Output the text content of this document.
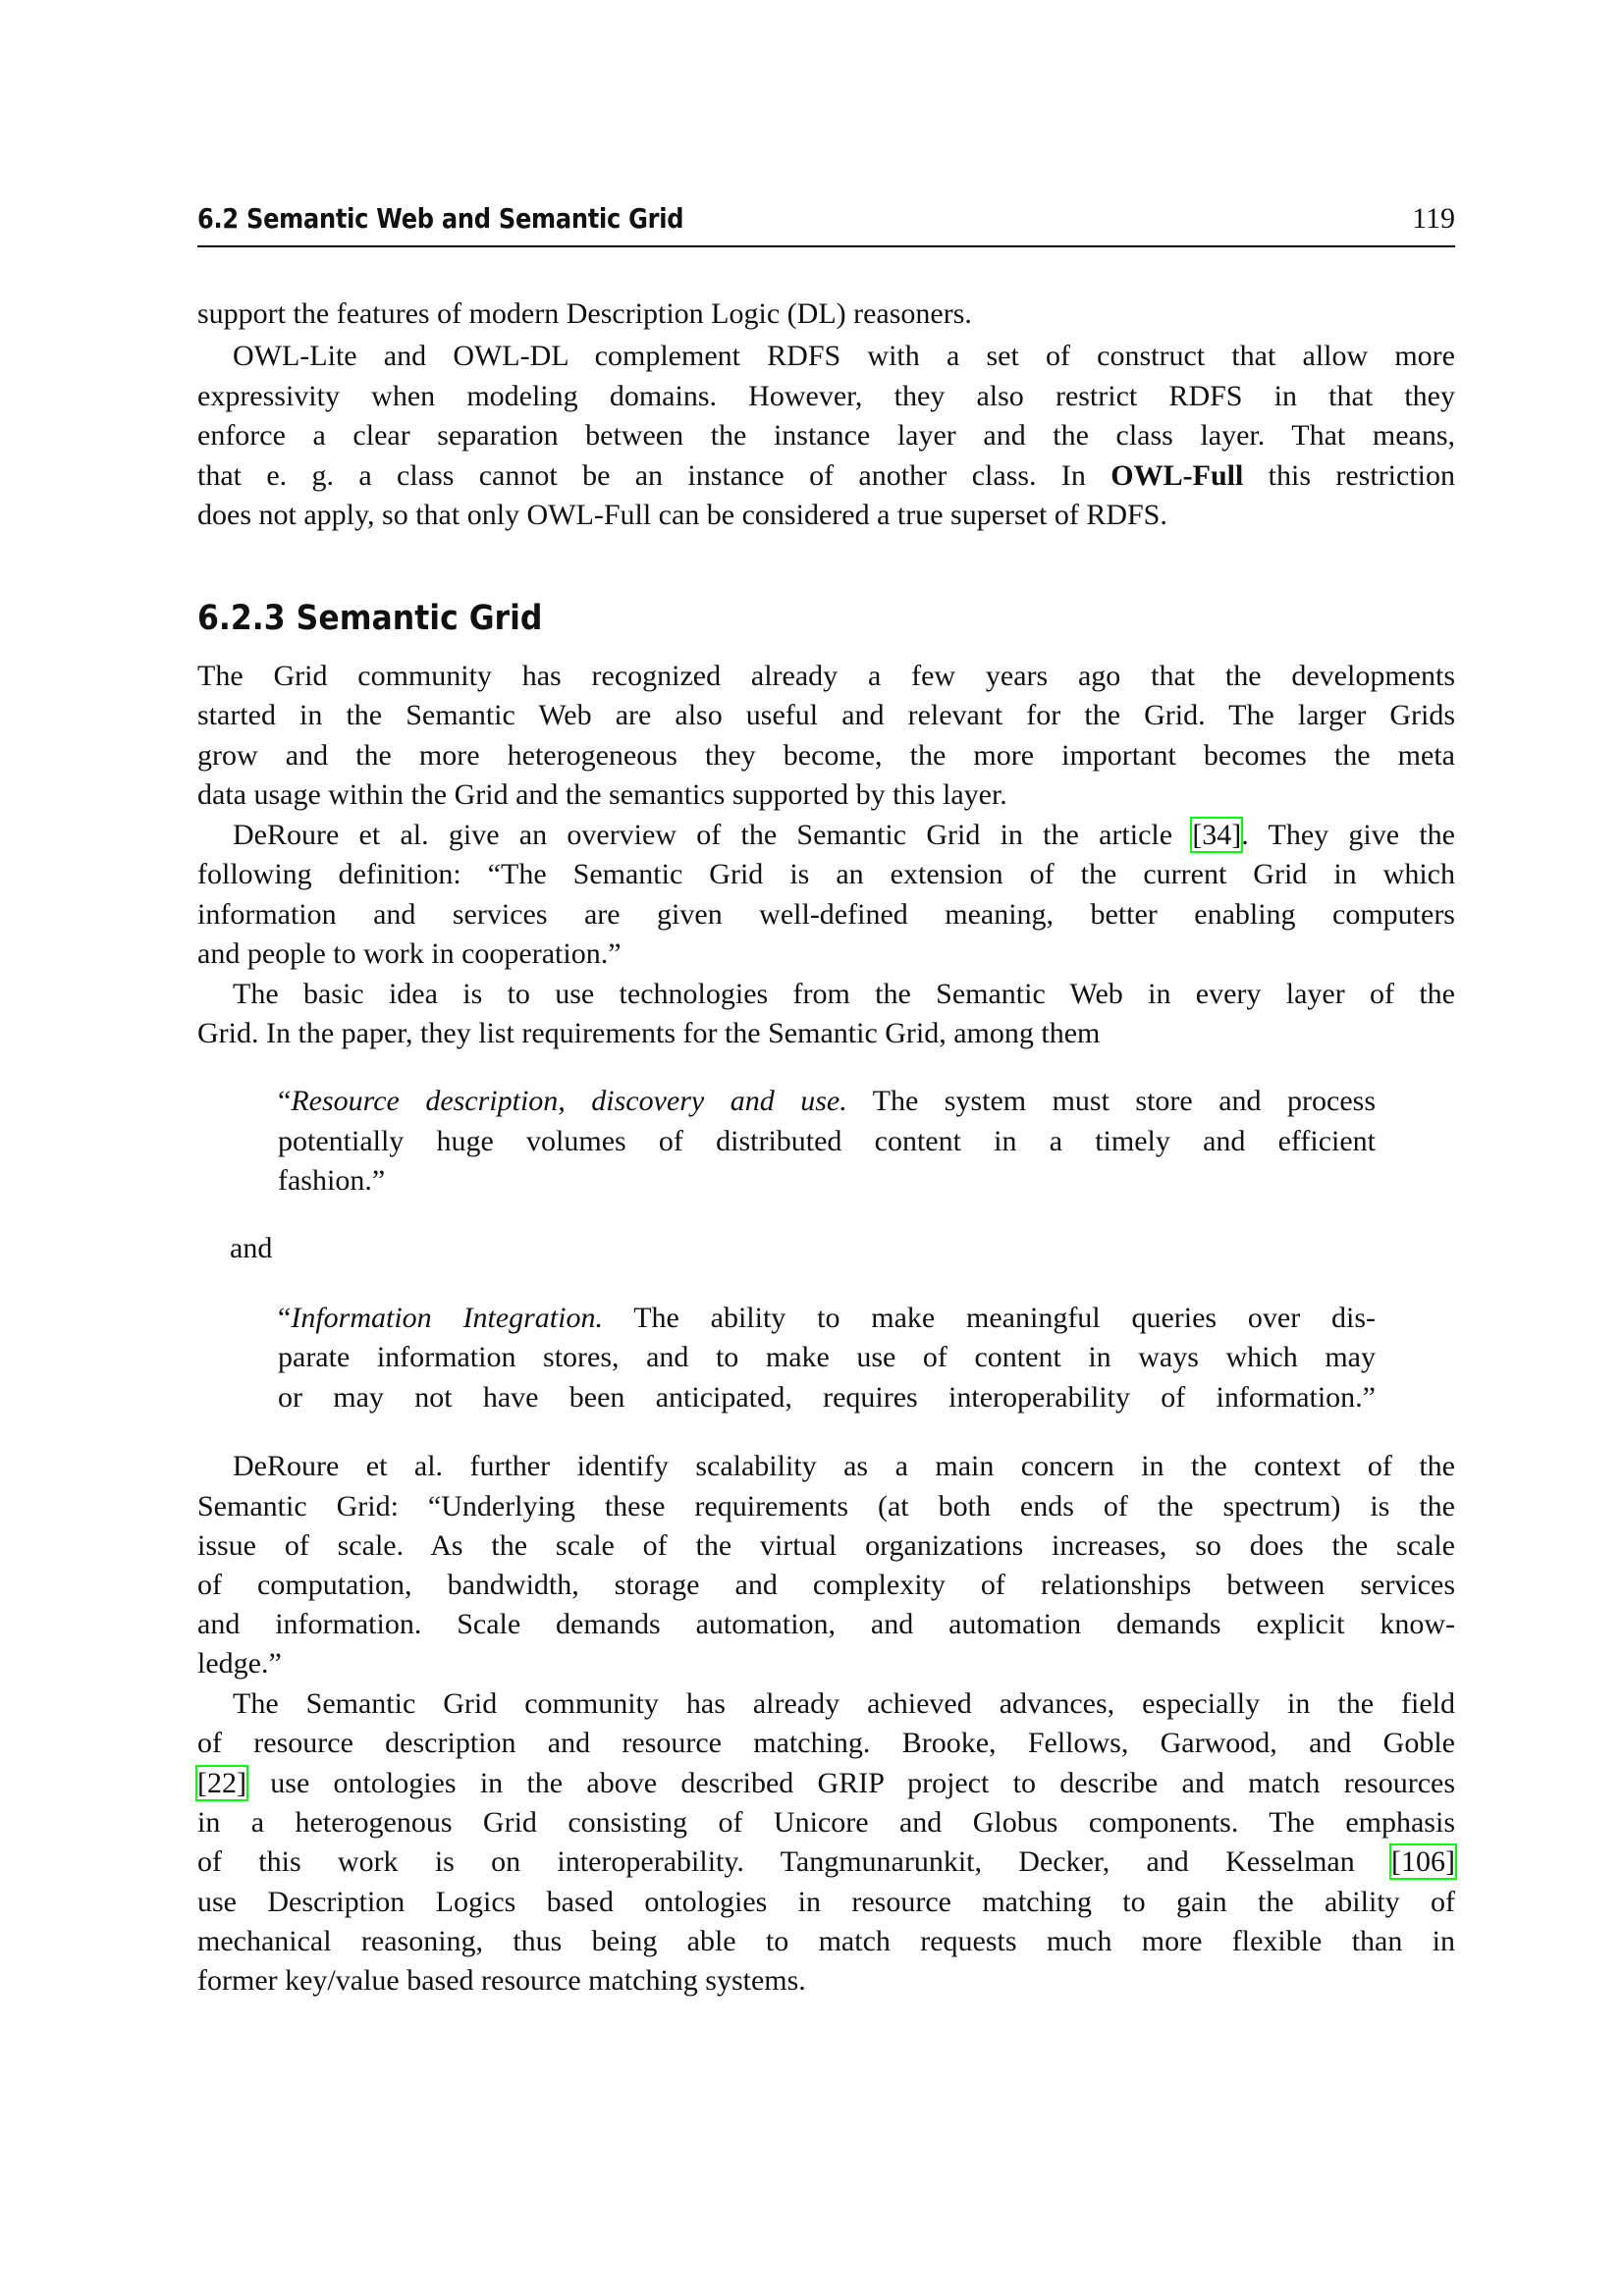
6.2 Semantic Web and Semantic Grid	119
6.2.3 Semantic Grid
support the features of modern Description Logic (DL) reasoners.
OWL-Lite and OWL-DL complement RDFS with a set of construct that allow more
expressivity when modeling domains. However, they also restrict RDFS in that they
enforce a clear separation between the instance layer and the class layer. That means,
that e. g. a class cannot be an instance of another class. In OWL-Full this restriction
does not apply, so that only OWL-Full can be considered a true superset of RDFS.
The Grid community has recognized already a few years ago that the developments
started in the Semantic Web are also useful and relevant for the Grid. The larger Grids
grow and the more heterogeneous they become, the more important becomes the meta
data usage within the Grid and the semantics supported by this layer.
DeRoure et al. give an overview of the Semantic Grid in the article [34]. They give the
following definition: “The Semantic Grid is an extension of the current Grid in which
information and services are given well-defined meaning, better enabling computers
and people to work in cooperation.”
The basic idea is to use technologies from the Semantic Web in every layer of the
Grid. In the paper, they list requirements for the Semantic Grid, among them
“Resource description, discovery and use. The system must store and process
potentially huge volumes of distributed content in a timely and efficient
fashion.”
and
“Information Integration. The ability to make meaningful queries over dis-
parate information stores, and to make use of content in ways which may
or may not have been anticipated, requires interoperability of information.”
DeRoure et al. further identify scalability as a main concern in the context of the
Semantic Grid: “Underlying these requirements (at both ends of the spectrum) is the
issue of scale. As the scale of the virtual organizations increases, so does the scale
of computation, bandwidth, storage and complexity of relationships between services
and information. Scale demands automation, and automation demands explicit know-
ledge.”
The Semantic Grid community has already achieved advances, especially in the field
of resource description and resource matching. Brooke, Fellows, Garwood, and Goble
[22] use ontologies in the above described GRIP project to describe and match resources
in a heterogenous Grid consisting of Unicore and Globus components. The emphasis
of this work is on interoperability. Tangmunarunkit, Decker, and Kesselman [106]
use Description Logics based ontologies in resource matching to gain the ability of
mechanical reasoning, thus being able to match requests much more flexible than in
former key/value based resource matching systems.
